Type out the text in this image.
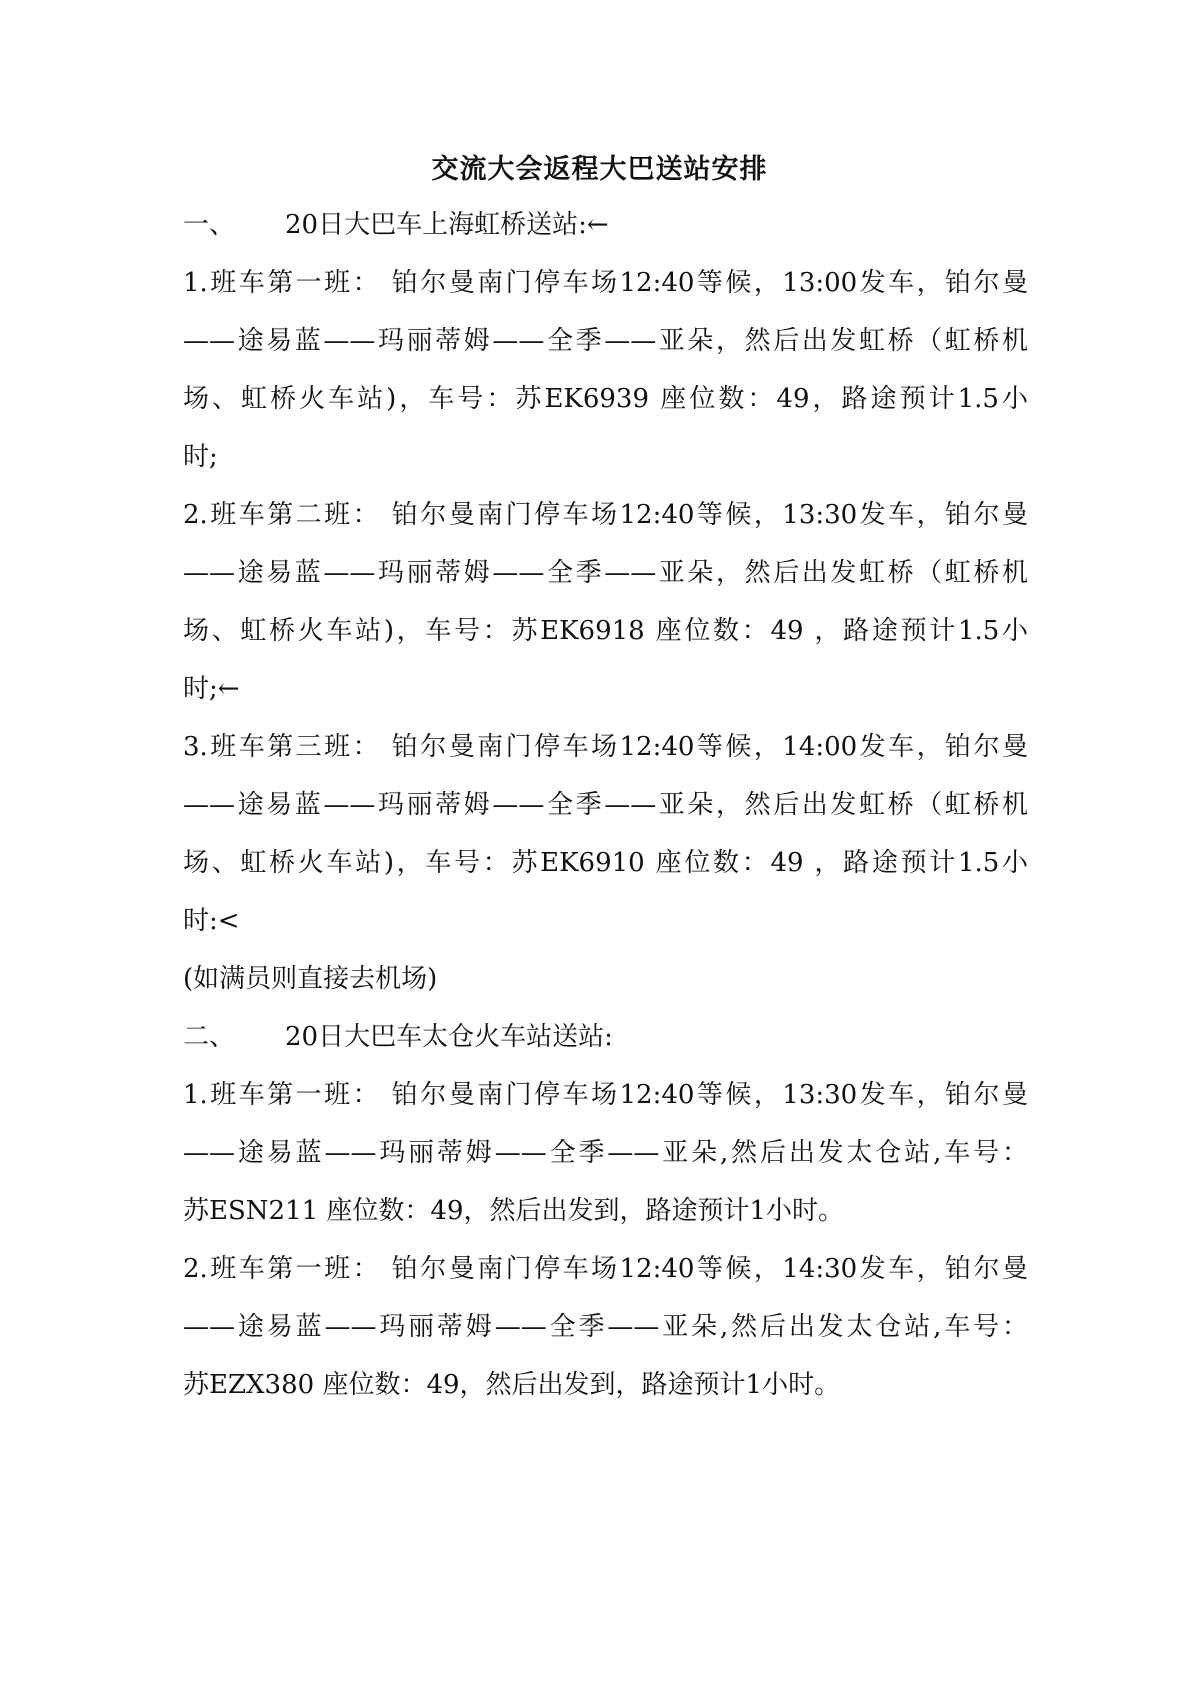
交流大会返程大巴送站安排
一、 20日大巴车上海虹桥送站:←

1.班车第一班： 铂尔曼南门停车场12:40等候，13:00发车，铂尔曼

——途易蓝——玛丽蒂姆——全季——亚朵，然后出发虹桥（虹桥机

场、虹桥火车站)，车号：苏EK6939 座位数：49，路途预计1.5小

时;

2.班车第二班： 铂尔曼南门停车场12:40等候，13:30发车，铂尔曼

——途易蓝——玛丽蒂姆——全季——亚朵，然后出发虹桥（虹桥机

场、虹桥火车站)，车号：苏EK6918 座位数：49 ，路途预计1.5小

时;←

3.班车第三班： 铂尔曼南门停车场12:40等候，14:00发车，铂尔曼

——途易蓝——玛丽蒂姆——全季——亚朵，然后出发虹桥（虹桥机

场、虹桥火车站)，车号：苏EK6910 座位数：49 ，路途预计1.5小

时:<

(如满员则直接去机场)

二、 20日大巴车太仓火车站送站:

1.班车第一班： 铂尔曼南门停车场12:40等候，13:30发车，铂尔曼

——途易蓝——玛丽蒂姆——全季——亚朵,然后出发太仓站,车号：

苏ESN211 座位数：49，然后出发到，路途预计1小时。

2.班车第一班： 铂尔曼南门停车场12:40等候，14:30发车，铂尔曼

——途易蓝——玛丽蒂姆——全季——亚朵,然后出发太仓站,车号：

苏EZX380 座位数：49，然后出发到，路途预计1小时。
